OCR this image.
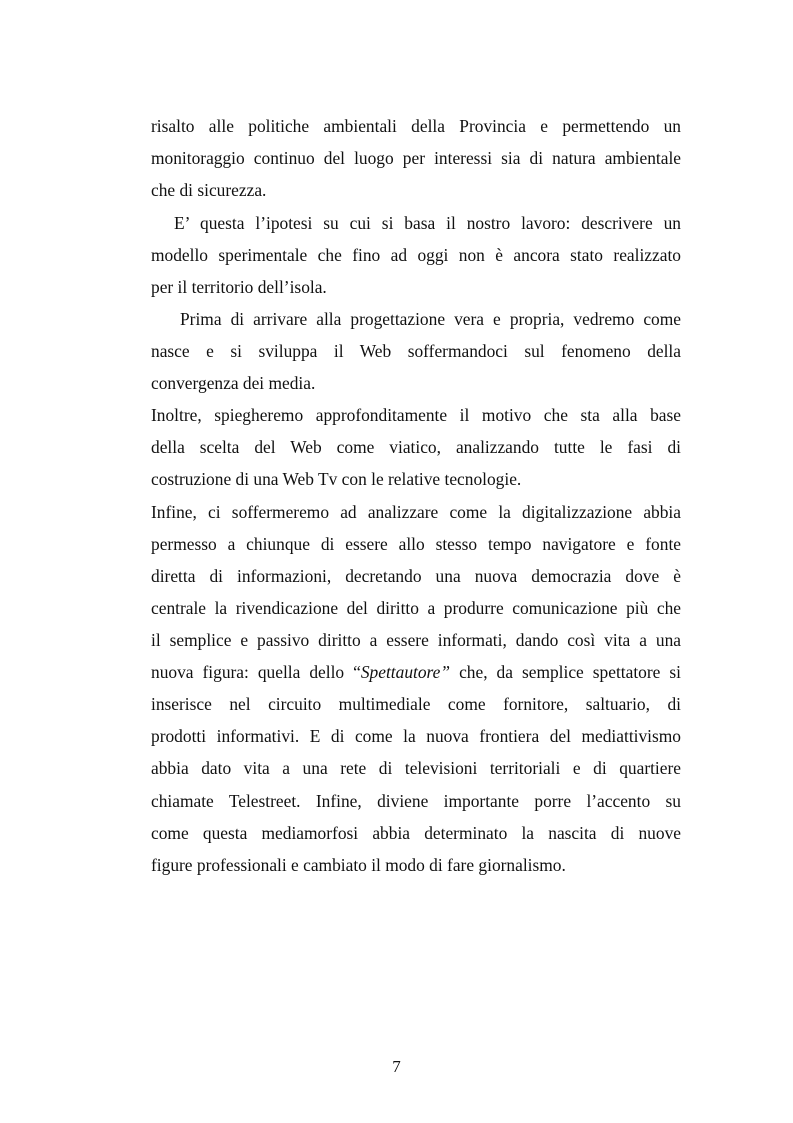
risalto alle politiche ambientali della Provincia e permettendo un
monitoraggio continuo del luogo per interessi sia di natura ambientale
che di sicurezza.
E’ questa l’ipotesi su cui si basa il nostro lavoro: descrivere un
modello sperimentale che fino ad oggi non è ancora stato realizzato
per il territorio dell’isola.
Prima di arrivare alla progettazione vera e propria, vedremo come
nasce e si sviluppa il Web soffermandoci sul fenomeno della
convergenza dei media.
Inoltre, spiegheremo approfonditamente il motivo che sta alla base
della scelta del Web come viatico, analizzando tutte le fasi di
costruzione di una Web Tv con le relative tecnologie.
Infine, ci soffermeremo ad analizzare come la digitalizzazione abbia
permesso a chiunque di essere allo stesso tempo navigatore e fonte
diretta di informazioni, decretando una nuova democrazia dove è
centrale la rivendicazione del diritto a produrre comunicazione più che
il semplice e passivo diritto a essere informati, dando così vita a una
nuova figura: quella dello “Spettautore” che, da semplice spettatore si
inserisce nel circuito multimediale come fornitore, saltuario, di
prodotti informativi. E di come la nuova frontiera del mediattivismo
abbia dato vita a una rete di televisioni territoriali e di quartiere
chiamate Telestreet. Infine, diviene importante porre l’accento su
come questa mediamorfosi abbia determinato la nascita di nuove
figure professionali e cambiato il modo di fare giornalismo.
7
